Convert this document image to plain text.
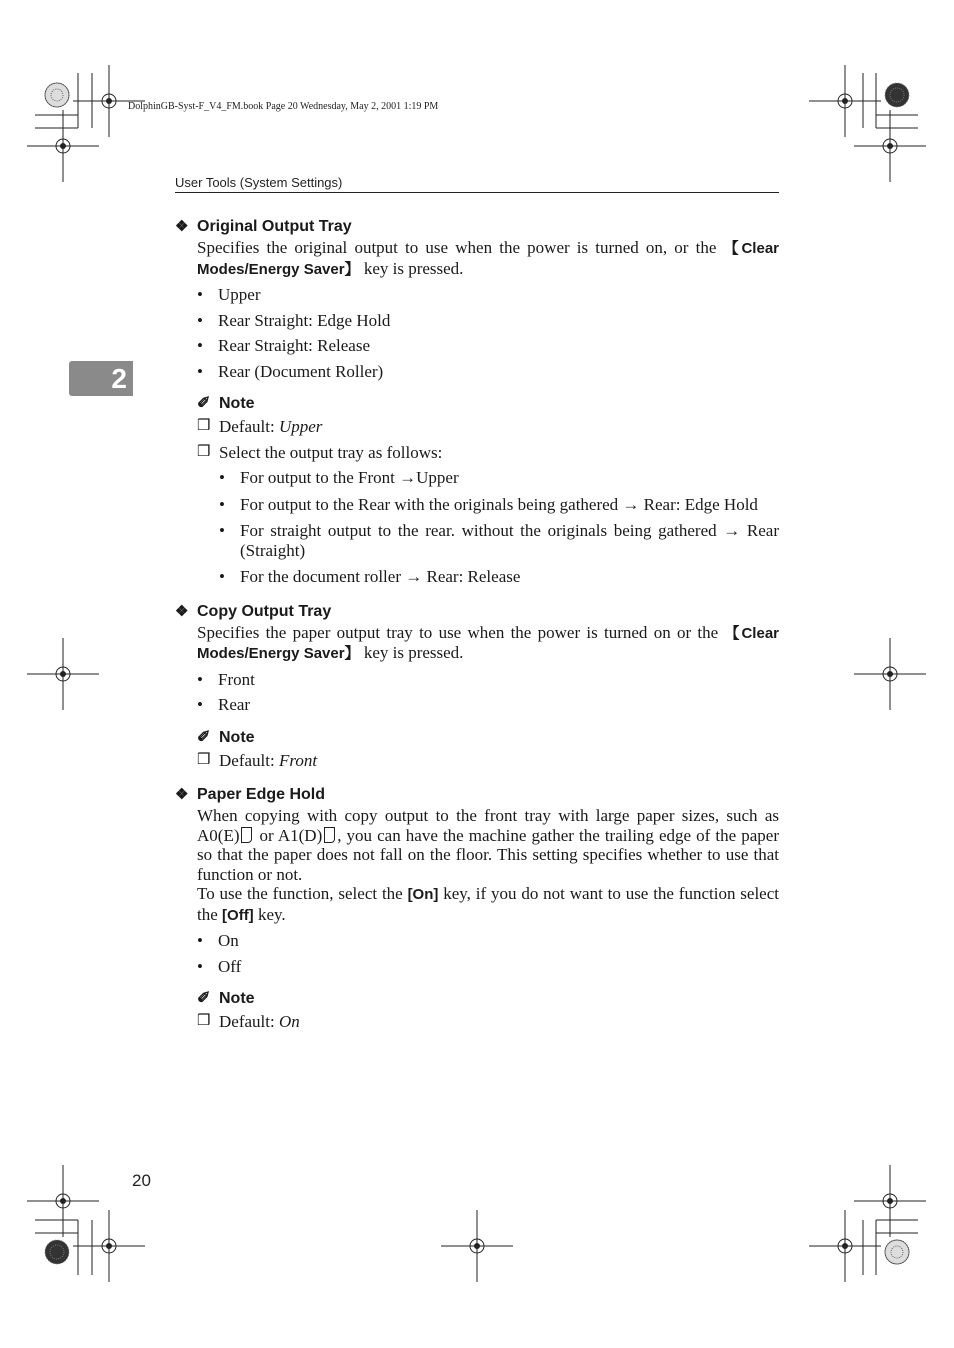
DolphinGB-Syst-F_V4_FM.book Page 20 Wednesday, May 2, 2001 1:19 PM
User Tools (System Settings)
2
❖ Original Output Tray

Specifies the original output to use when the power is turned on, or the 【Clear Modes/Energy Saver】 key is pressed.

• Upper
• Rear Straight: Edge Hold
• Rear Straight: Release
• Rear (Document Roller)
✐ Note
❒ Default: Upper
❒ Select the output tray as follows:
• For output to the Front →Upper
• For output to the Rear with the originals being gathered → Rear: Edge Hold
• For straight output to the rear. without the originals being gathered → Rear (Straight)
• For the document roller → Rear: Release
❖ Copy Output Tray

Specifies the paper output tray to use when the power is turned on or the 【Clear Modes/Energy Saver】 key is pressed.

• Front
• Rear
✐ Note
❒ Default: Front
❖ Paper Edge Hold

When copying with copy output to the front tray with large paper sizes, such as A0(E) or A1(D) , you can have the machine gather the trailing edge of the paper so that the paper does not fall on the floor. This setting specifies whether to use that function or not.

To use the function, select the [On] key, if you do not want to use the function select the [Off] key.

• On
• Off
✐ Note
❒ Default: On
20
